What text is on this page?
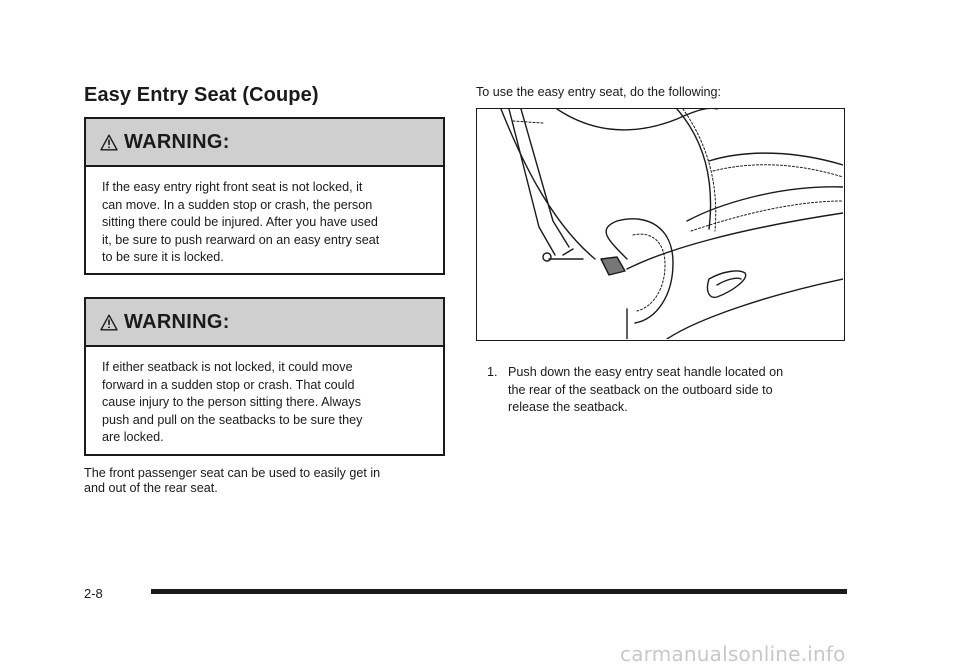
Easy Entry Seat (Coupe)
WARNING:
If the easy entry right front seat is not locked, it
can move. In a sudden stop or crash, the person
sitting there could be injured. After you have used
it, be sure to push rearward on an easy entry seat
to be sure it is locked.
WARNING:
If either seatback is not locked, it could move
forward in a sudden stop or crash. That could
cause injury to the person sitting there. Always
push and pull on the seatbacks to be sure they
are locked.
The front passenger seat can be used to easily get in
and out of the rear seat.
To use the easy entry seat, do the following:
1. Push down the easy entry seat handle located on
the rear of the seatback on the outboard side to
release the seatback.
2-8
carmanualsonline.info
